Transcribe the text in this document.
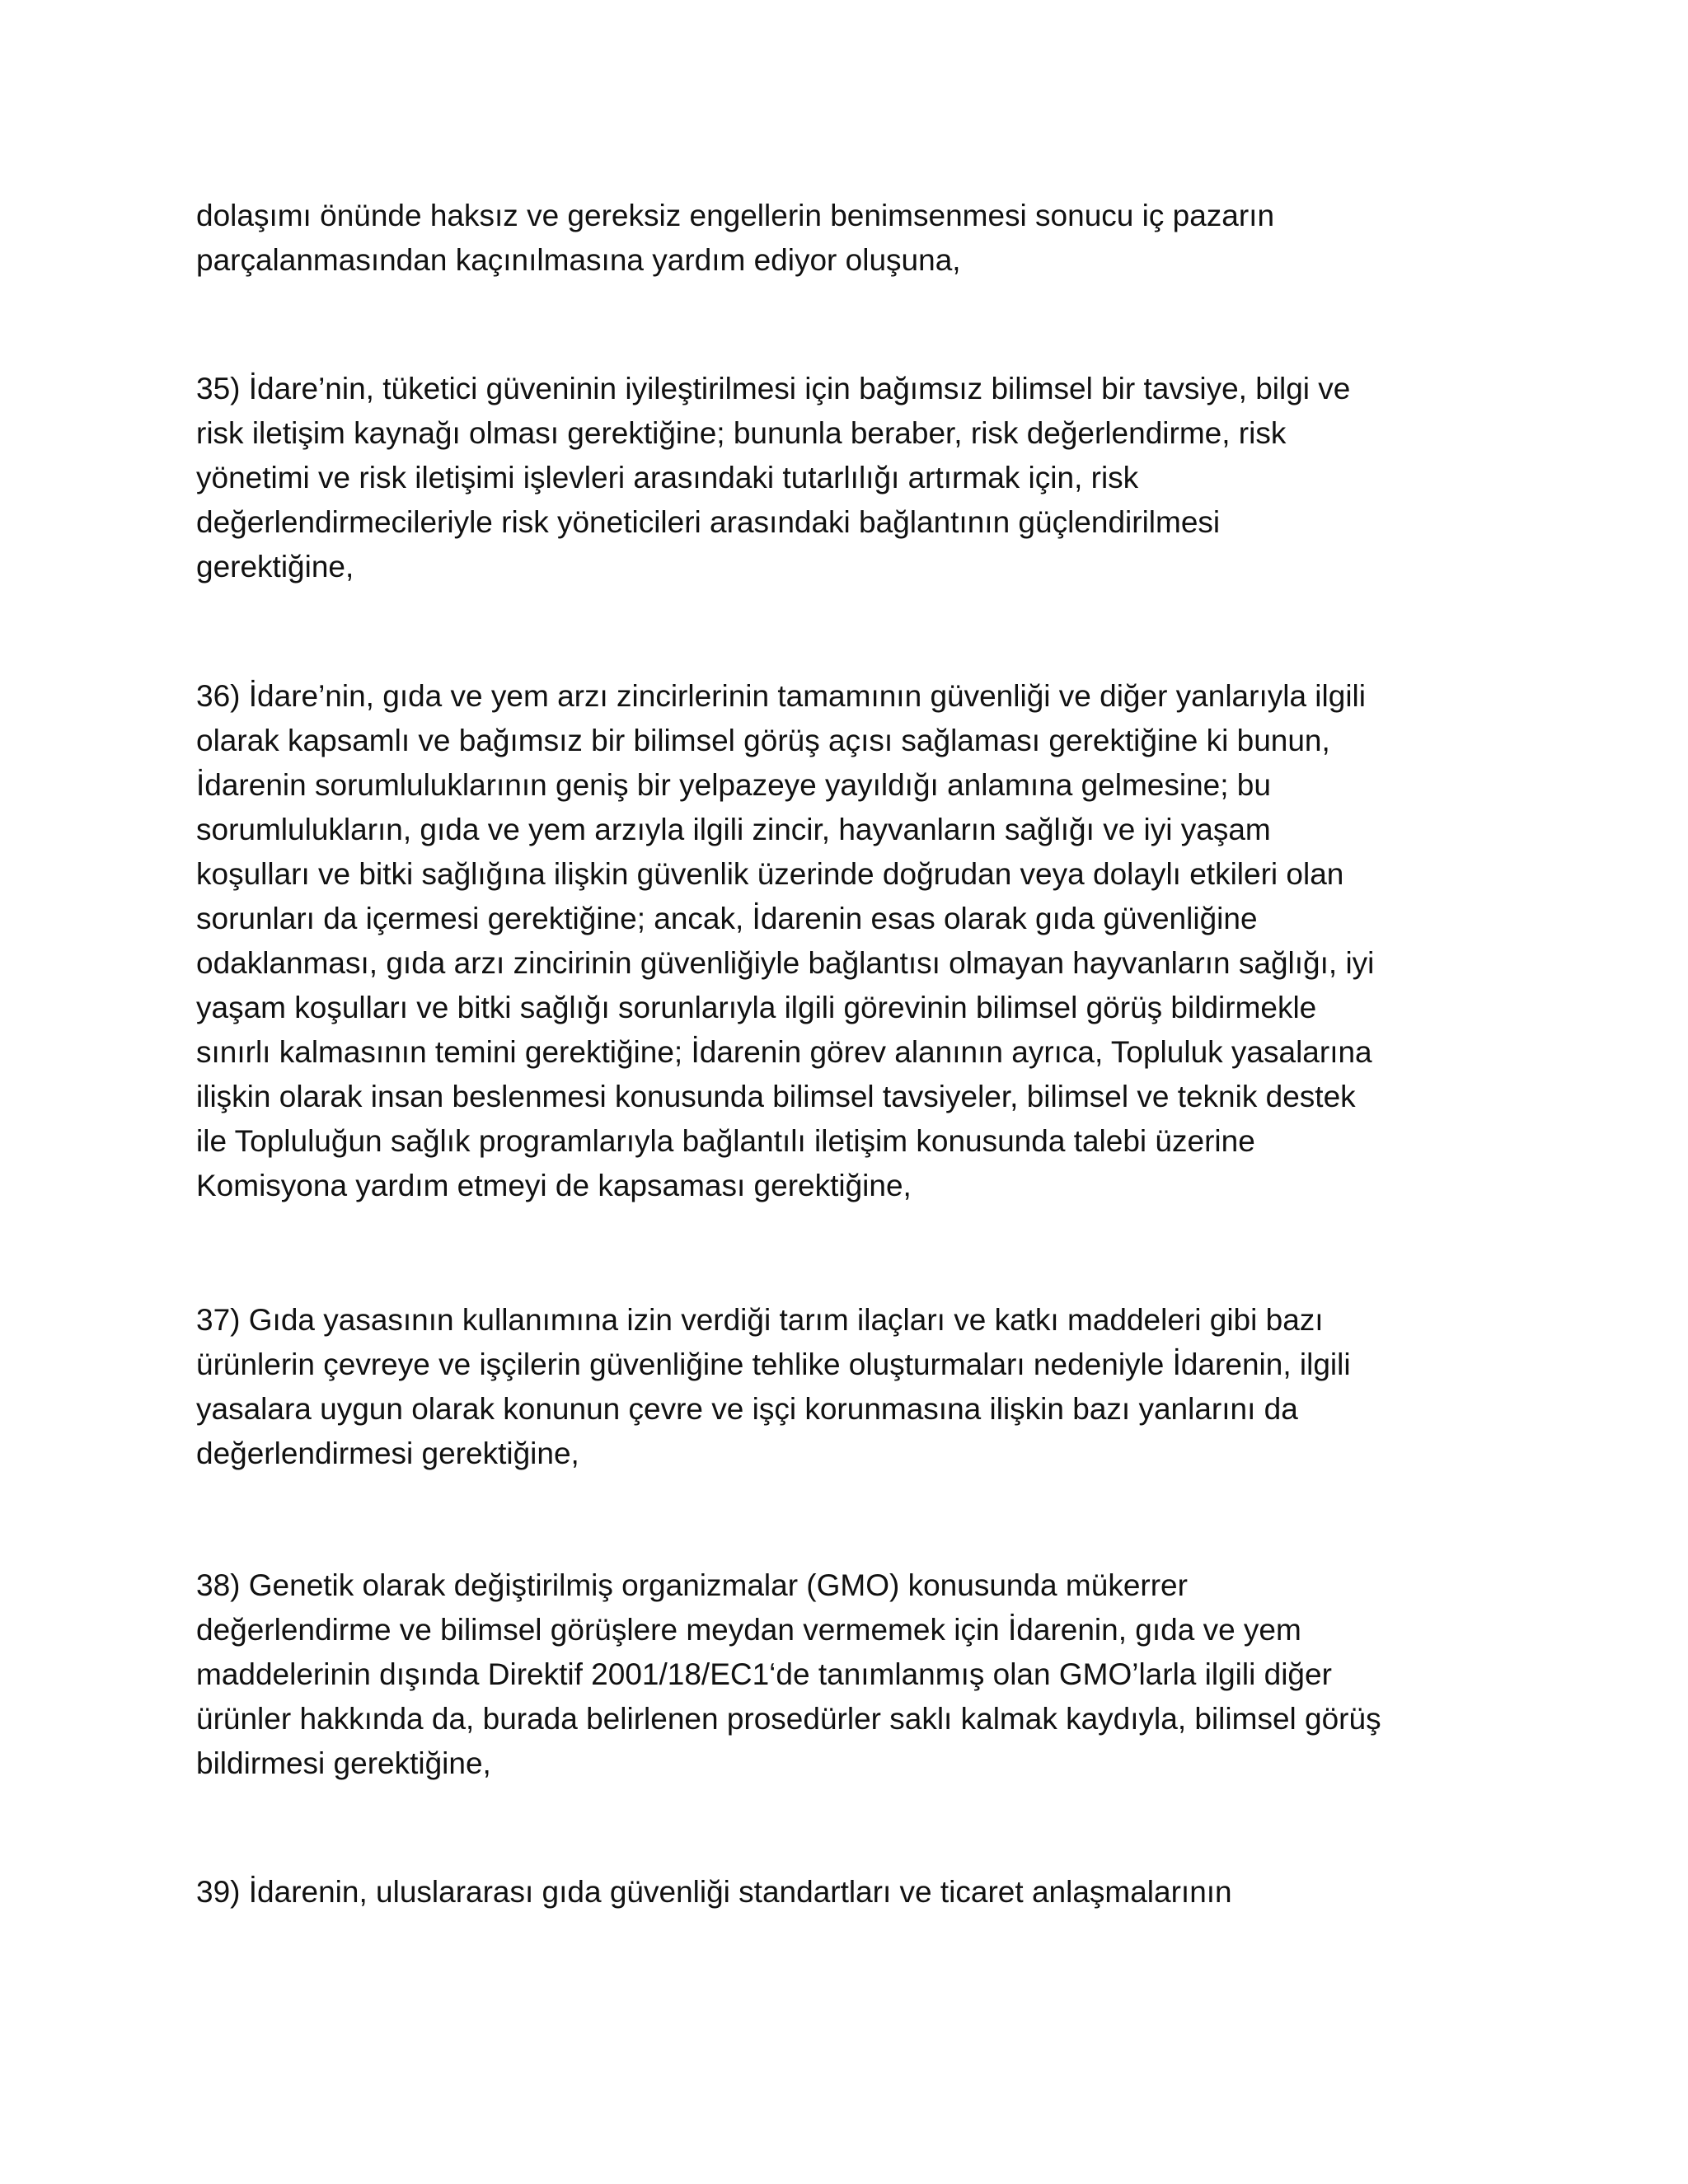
dolaşımı önünde haksız ve gereksiz engellerin benimsenmesi sonucu iç pazarın

parçalanmasından kaçınılmasına yardım ediyor oluşuna,

35) İdare’nin, tüketici güveninin iyileştirilmesi için bağımsız bilimsel bir tavsiye, bilgi ve

risk iletişim kaynağı olması gerektiğine; bununla beraber, risk değerlendirme, risk

yönetimi ve risk iletişimi işlevleri arasındaki tutarlılığı artırmak için, risk

değerlendirmecileriyle risk yöneticileri arasındaki bağlantının güçlendirilmesi

gerektiğine,

36) İdare’nin, gıda ve yem arzı zincirlerinin tamamının güvenliği ve diğer yanlarıyla ilgili

olarak kapsamlı ve bağımsız bir bilimsel görüş açısı sağlaması gerektiğine ki bunun,

İdarenin sorumluluklarının geniş bir yelpazeye yayıldığı anlamına gelmesine; bu

sorumlulukların, gıda ve yem arzıyla ilgili zincir, hayvanların sağlığı ve iyi yaşam

koşulları ve bitki sağlığına ilişkin güvenlik üzerinde doğrudan veya dolaylı etkileri olan

sorunları da içermesi gerektiğine; ancak, İdarenin esas olarak gıda güvenliğine

odaklanması, gıda arzı zincirinin güvenliğiyle bağlantısı olmayan hayvanların sağlığı, iyi

yaşam koşulları ve bitki sağlığı sorunlarıyla ilgili görevinin bilimsel görüş bildirmekle

sınırlı kalmasının temini gerektiğine; İdarenin görev alanının ayrıca, Topluluk yasalarına

ilişkin olarak insan beslenmesi konusunda bilimsel tavsiyeler, bilimsel ve teknik destek

ile Topluluğun sağlık programlarıyla bağlantılı iletişim konusunda talebi üzerine

Komisyona yardım etmeyi de kapsaması gerektiğine,

37) Gıda yasasının kullanımına izin verdiği tarım ilaçları ve katkı maddeleri gibi bazı

ürünlerin çevreye ve işçilerin güvenliğine tehlike oluşturmaları nedeniyle İdarenin, ilgili

yasalara uygun olarak konunun çevre ve işçi korunmasına ilişkin bazı yanlarını da

değerlendirmesi gerektiğine,

38) Genetik olarak değiştirilmiş organizmalar (GMO) konusunda mükerrer

değerlendirme ve bilimsel görüşlere meydan vermemek için İdarenin, gıda ve yem

maddelerinin dışında Direktif 2001/18/EC1‘de tanımlanmış olan GMO’larla ilgili diğer

ürünler hakkında da, burada belirlenen prosedürler saklı kalmak kaydıyla, bilimsel görüş

bildirmesi gerektiğine,

39) İdarenin, uluslararası gıda güvenliği standartları ve ticaret anlaşmalarının
